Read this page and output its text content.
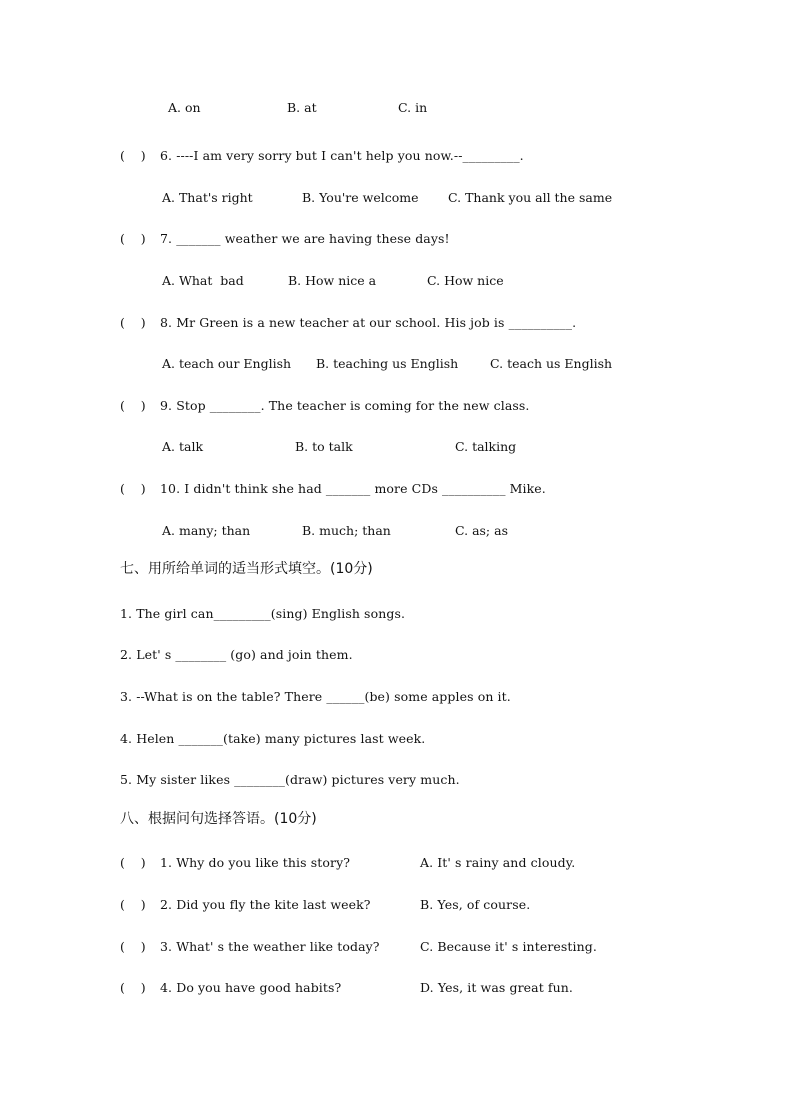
A. on	B. at	C. in
(    ) 6. ----I am very sorry but I can't help you now.--_________.
A. That's right	B. You're welcome C. Thank you all the same
(    ) 7. _______ weather we are having these days!
A. What  bad	B. How nice a	C. How nice
(    ) 8. Mr Green is a new teacher at our school. His job is __________.
A. teach our English B. teaching us English	C. teach us English
(    ) 9. Stop ________. The teacher is coming for the new class.
A. talk	B. to talk	C. talking
(    ) 10. I didn't think she had _______ more CDs __________ Mike.
A. many; than	B. much; than	C. as; as
七、用所给单词的适当形式填空。(10分)
1. The girl can_________(sing) English songs.
2. Let' s ________ (go) and join them.
3. --What is on the table? There ______(be) some apples on it.
4. Helen _______(take) many pictures last week.
5. My sister likes ________(draw) pictures very much.
八、根据问句选择答语。(10分)
(    ) 1. Why do you like this story?	A. It' s rainy and cloudy.
(    ) 2. Did you fly the kite last week?	B. Yes, of course.
(    ) 3. What' s the weather like today?	C. Because it' s interesting.
(    ) 4. Do you have good habits?	D. Yes, it was great fun.
